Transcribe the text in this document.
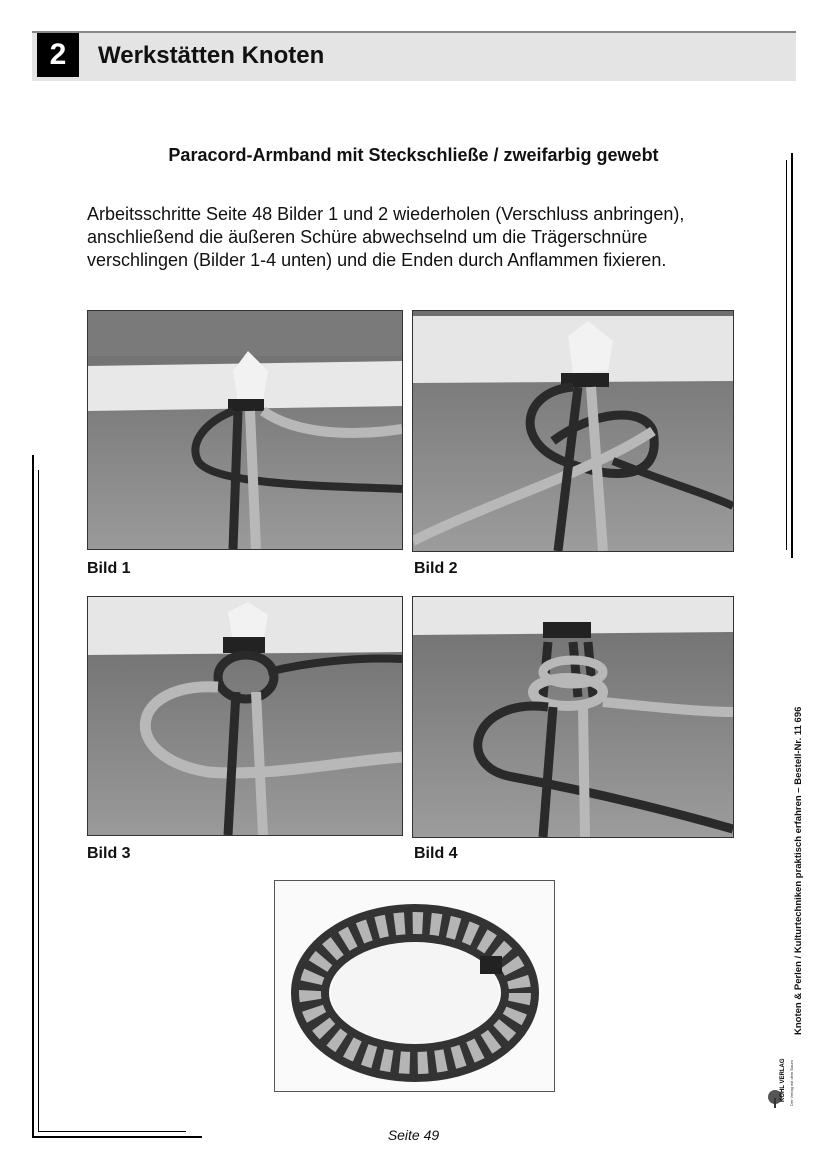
2 Werkstätten Knoten
Paracord-Armband mit Steckschließe / zweifarbig gewebt
Arbeitsschritte Seite 48 Bilder 1 und 2 wiederholen (Verschluss anbringen),
anschließend die äußeren Schüre abwechselnd um die Trägerschnüre
verschlingen (Bilder 1-4 unten) und die Enden durch Anflammen fixieren.
Bild 1	Bild 2
Bild 3	Bild 4	Knoten & Perlen / Kulturtechniken praktisch erfahren – Bestell-Nr. 11 696
KOHL VERLAG Der Verlag mit dem Baum
Seite 49
